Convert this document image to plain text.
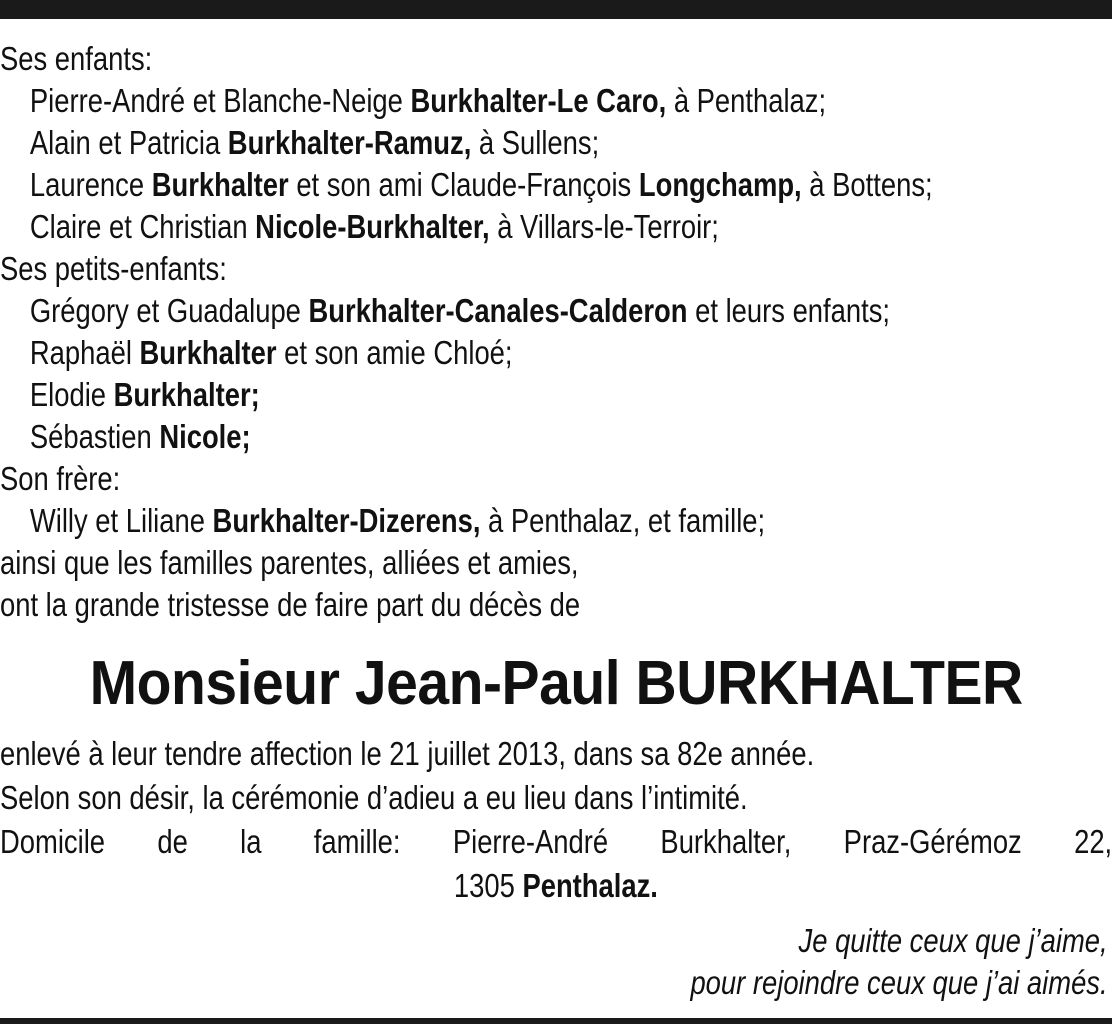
Ses enfants:
Pierre-André et Blanche-Neige Burkhalter-Le Caro, à Penthalaz;
Alain et Patricia Burkhalter-Ramuz, à Sullens;
Laurence Burkhalter et son ami Claude-François Longchamp, à Bottens;
Claire et Christian Nicole-Burkhalter, à Villars-le-Terroir;
Ses petits-enfants:
Grégory et Guadalupe Burkhalter-Canales-Calderon et leurs enfants;
Raphaël Burkhalter et son amie Chloé;
Elodie Burkhalter;
Sébastien Nicole;
Son frère:
Willy et Liliane Burkhalter-Dizerens, à Penthalaz, et famille;
ainsi que les familles parentes, alliées et amies,
ont la grande tristesse de faire part du décès de
Monsieur Jean-Paul BURKHALTER
enlevé à leur tendre affection le 21 juillet 2013, dans sa 82e année.
Selon son désir, la cérémonie d’adieu a eu lieu dans l’intimité.
Domicile de la famille: Pierre-André Burkhalter, Praz-Gérémoz 22,
1305 Penthalaz.
Je quitte ceux que j’aime,
pour rejoindre ceux que j’ai aimés.
